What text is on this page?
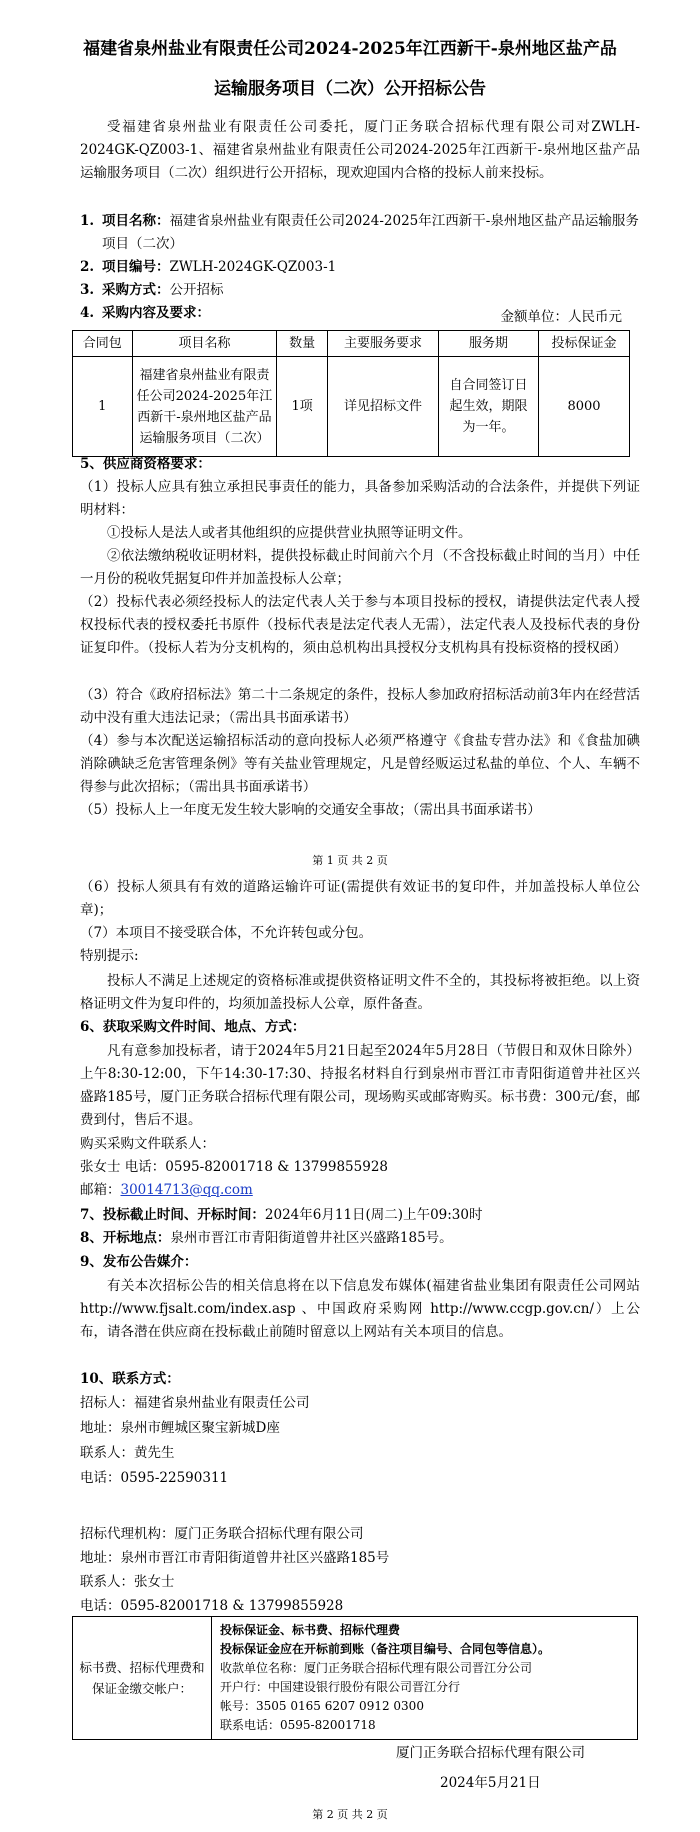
福建省泉州盐业有限责任公司2024-2025年江西新干-泉州地区盐产品
运输服务项目（二次）公开招标公告
受福建省泉州盐业有限责任公司委托，厦门正务联合招标代理有限公司对ZWLH-2024GK-QZ003-1、福建省泉州盐业有限责任公司2024-2025年江西新干-泉州地区盐产品运输服务项目（二次）组织进行公开招标，现欢迎国内合格的投标人前来投标。
1. 项目名称：福建省泉州盐业有限责任公司2024-2025年江西新干-泉州地区盐产品运输服务项目（二次）
2. 项目编号：ZWLH-2024GK-QZ003-1
3. 采购方式：公开招标
4. 采购内容及要求：	金额单位：人民币元
合同包	项目名称	数量	主要服务要求	服务期	投标保证金
1	福建省泉州盐业有限责任公司2024-2025年江西新干-泉州地区盐产品运输服务项目（二次）	1项	详见招标文件	自合同签订日起生效，期限为一年。	8000
5、供应商资格要求：
（1）投标人应具有独立承担民事责任的能力，具备参加采购活动的合法条件，并提供下列证明材料：
①投标人是法人或者其他组织的应提供营业执照等证明文件。
②依法缴纳税收证明材料，提供投标截止时间前六个月（不含投标截止时间的当月）中任一月份的税收凭据复印件并加盖投标人公章；
（2）投标代表必须经投标人的法定代表人关于参与本项目投标的授权，请提供法定代表人授权投标代表的授权委托书原件（投标代表是法定代表人无需），法定代表人及投标代表的身份证复印件。（投标人若为分支机构的，须由总机构出具授权分支机构具有投标资格的授权函）
（3）符合《政府招标法》第二十二条规定的条件，投标人参加政府招标活动前3年内在经营活动中没有重大违法记录；（需出具书面承诺书）
（4）参与本次配送运输招标活动的意向投标人必须严格遵守《食盐专营办法》和《食盐加碘消除碘缺乏危害管理条例》等有关盐业管理规定，凡是曾经贩运过私盐的单位、个人、车辆不得参与此次招标；（需出具书面承诺书）
（5）投标人上一年度无发生较大影响的交通安全事故；（需出具书面承诺书）
第 1 页 共 2 页
（6）投标人须具有有效的道路运输许可证(需提供有效证书的复印件，并加盖投标人单位公章)；
（7）本项目不接受联合体，不允许转包或分包。
特别提示:
投标人不满足上述规定的资格标准或提供资格证明文件不全的，其投标将被拒绝。以上资格证明文件为复印件的，均须加盖投标人公章，原件备查。
6、获取采购文件时间、地点、方式：
凡有意参加投标者，请于2024年5月21日起至2024年5月28日（节假日和双休日除外）上午8:30-12:00，下午14:30-17:30、持报名材料自行到泉州市晋江市青阳街道曾井社区兴盛路185号，厦门正务联合招标代理有限公司，现场购买或邮寄购买。标书费：300元/套，邮费到付，售后不退。
购买采购文件联系人：
张女士 电话：0595-82001718 & 13799855928
邮箱：30014713@qq.com
7、投标截止时间、开标时间：2024年6月11日(周二)上午09:30时
8、开标地点：泉州市晋江市青阳街道曾井社区兴盛路185号。
9、发布公告媒介：
有关本次招标公告的相关信息将在以下信息发布媒体(福建省盐业集团有限责任公司网站 http://www.fjsalt.com/index.asp 、中国政府采购网 http://www.ccgp.gov.cn/）上公布，请各潜在供应商在投标截止前随时留意以上网站有关本项目的信息。
10、联系方式：
招标人：福建省泉州盐业有限责任公司
地址：泉州市鲤城区聚宝新城D座
联系人：黄先生
电话：0595-22590311
招标代理机构：厦门正务联合招标代理有限公司
地址：泉州市晋江市青阳街道曾井社区兴盛路185号
联系人：张女士
电话：0595-82001718 & 13799855928
标书费、招标代理费和保证金缴交帐户：	
投标保证金、标书费、招标代理费
投标保证金应在开标前到账（备注项目编号、合同包等信息）。
收款单位名称：厦门正务联合招标代理有限公司晋江分公司
开户行：中国建设银行股份有限公司晋江分行
帐号：3505 0165 6207 0912 0300
联系电话：0595-82001718
厦门正务联合招标代理有限公司
2024年5月21日
第 2 页 共 2 页
